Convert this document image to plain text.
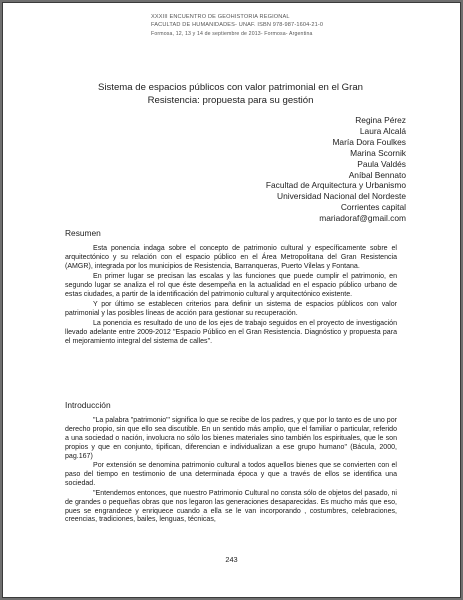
XXXIII ENCUENTRO DE GEOHISTORIA REGIONAL
FACULTAD DE HUMANIDADES- UNAF. ISBN 978-987-1604-21-0
Formosa, 12, 13 y 14 de septiembre de 2013- Formosa- Argentina
Sistema de espacios públicos con valor patrimonial en el Gran
Resistencia: propuesta para su gestión
Regina Pérez
Laura Alcalá
María Dora Foulkes
Marina Scornik
Paula Valdés
Aníbal Bennato
Facultad de Arquitectura y Urbanismo
Universidad Nacional del Nordeste
Corrientes capital
mariadoraf@gmail.com
Resumen

Esta ponencia indaga sobre el concepto de patrimonio cultural y específicamente sobre el arquitectónico y su relación con el espacio público en el Área Metropolitana del Gran Resistencia (AMGR), integrada por los municipios de Resistencia, Barranqueras, Puerto Vilelas y Fontana.

En primer lugar se precisan las escalas y las funciones que puede cumplir el patrimonio, en segundo lugar se analiza el rol que éste desempeña en la actualidad en el espacio público urbano de estas ciudades, a partir de la identificación del patrimonio cultural y arquitectónico existente.

Y por último se establecen criterios para definir un sistema de espacios públicos con valor patrimonial y las posibles líneas de acción para gestionar su recuperación.

La ponencia es resultado de uno de los ejes de trabajo seguidos en el proyecto de investigación llevado adelante entre 2009-2012 "Espacio Público en el Gran Resistencia. Diagnóstico y propuesta para el mejoramiento integral del sistema de calles".

Introducción

"La palabra "patrimonio"' significa lo que se recibe de los padres, y que por lo tanto es de uno por derecho propio, sin que ello sea discutible. En un sentido más amplio, que el familiar o particular, referido a una sociedad o nación, involucra no sólo los bienes materiales sino también los espirituales, que le son propios y que en conjunto, tipifican, diferencian e individualizan a ese grupo humano" (Bácula, 2000, pag.167)

Por extensión se denomina patrimonio cultural a todos aquellos bienes que se convierten con el paso del tiempo en testimonio de una determinada época y que a través de ellos se identifica una sociedad.

"Entendemos entonces, que nuestro Patrimonio Cultural no consta sólo de objetos del pasado, ni de grandes o pequeñas obras que nos legaron las generaciones desaparecidas. Es mucho más que eso, pues se engrandece y enriquece cuando a ella se le van incorporando , costumbres, celebraciones, creencias, tradiciones, bailes, lenguas, técnicas,

243
